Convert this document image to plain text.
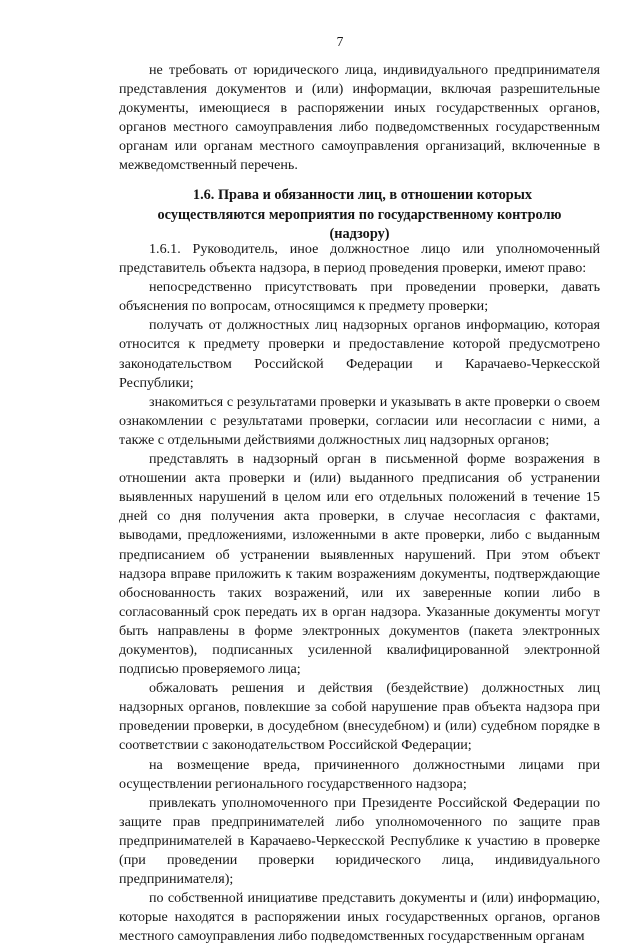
7

не требовать от юридического лица, индивидуального предпринимателя представления документов и (или) информации, включая разрешительные документы, имеющиеся в распоряжении иных государственных органов, органов местного самоуправления либо подведомственных государственным органам или органам местного самоуправления организаций, включенные в межведомственный перечень.

1.6. Права и обязанности лиц, в отношении которых
осуществляются мероприятия по государственному контролю
(надзору)

1.6.1. Руководитель, иное должностное лицо или уполномоченный представитель объекта надзора, в период проведения проверки, имеют право:

непосредственно присутствовать при проведении проверки, давать объяснения по вопросам, относящимся к предмету проверки;

получать от должностных лиц надзорных органов информацию, которая относится к предмету проверки и предоставление которой предусмотрено законодательством Российской Федерации и Карачаево-Черкесской Республики;

знакомиться с результатами проверки и указывать в акте проверки о своем ознакомлении с результатами проверки, согласии или несогласии с ними, а также с отдельными действиями должностных лиц надзорных органов;

представлять в надзорный орган в письменной форме возражения в отношении акта проверки и (или) выданного предписания об устранении выявленных нарушений в целом или его отдельных положений в течение 15 дней со дня получения акта проверки, в случае несогласия с фактами, выводами, предложениями, изложенными в акте проверки, либо с выданным предписанием об устранении выявленных нарушений. При этом объект надзора вправе приложить к таким возражениям документы, подтверждающие обоснованность таких возражений, или их заверенные копии либо в согласованный срок передать их в орган надзора. Указанные документы могут быть направлены в форме электронных документов (пакета электронных документов), подписанных усиленной квалифицированной электронной подписью проверяемого лица;

обжаловать решения и действия (бездействие) должностных лиц надзорных органов, повлекшие за собой нарушение прав объекта надзора при проведении проверки, в досудебном (внесудебном) и (или) судебном порядке в соответствии с законодательством Российской Федерации;

на возмещение вреда, причиненного должностными лицами при осуществлении регионального государственного надзора;

привлекать уполномоченного при Президенте Российской Федерации по защите прав предпринимателей либо уполномоченного по защите прав предпринимателей в Карачаево-Черкесской Республике к участию в проверке (при проведении проверки юридического лица, индивидуального предпринимателя);

по собственной инициативе представить документы и (или) информацию, которые находятся в распоряжении иных государственных органов, органов местного самоуправления либо подведомственных государственным органам
